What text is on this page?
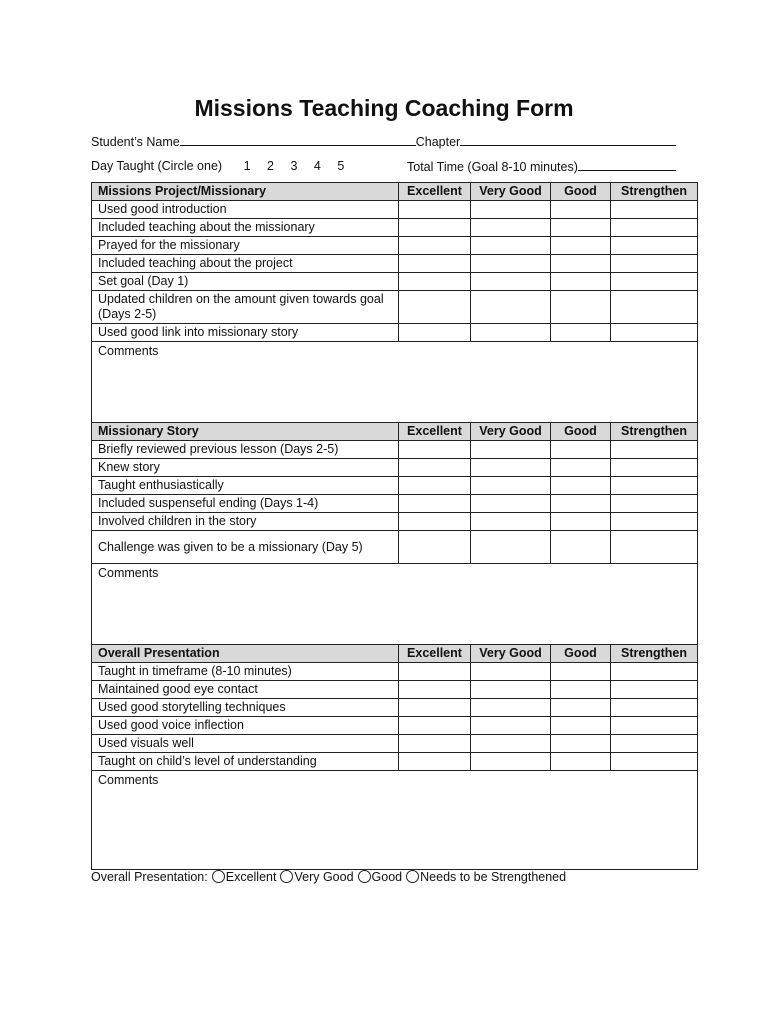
Missions Teaching Coaching Form
Student’s Name	Chapter
Day Taught (Circle one) 1 2 3 4 5	Total Time (Goal 8-10 minutes)
Missions Project/Missionary	Excellent	Very Good	Good	Strengthen
Used good introduction				
Included teaching about the missionary				
Prayed for the missionary				
Included teaching about the project				
Set goal (Day 1)				
Updated children on the amount given towards goal (Days 2-5)				
Used good link into missionary story				
Comments				
Missionary Story	Excellent	Very Good	Good	Strengthen
Briefly reviewed previous lesson (Days 2-5)				
Knew story				
Taught enthusiastically				
Included suspenseful ending (Days 1-4)				
Involved children in the story				
Challenge was given to be a missionary (Day 5)				
Comments				
Overall Presentation	Excellent	Very Good	Good	Strengthen
Taught in timeframe (8-10 minutes)				
Maintained good eye contact				
Used good storytelling techniques				
Used good voice inflection				
Used visuals well				
Taught on child’s level of understanding				
Comments				
Overall Presentation: Excellent Very Good Good Needs to be Strengthened
